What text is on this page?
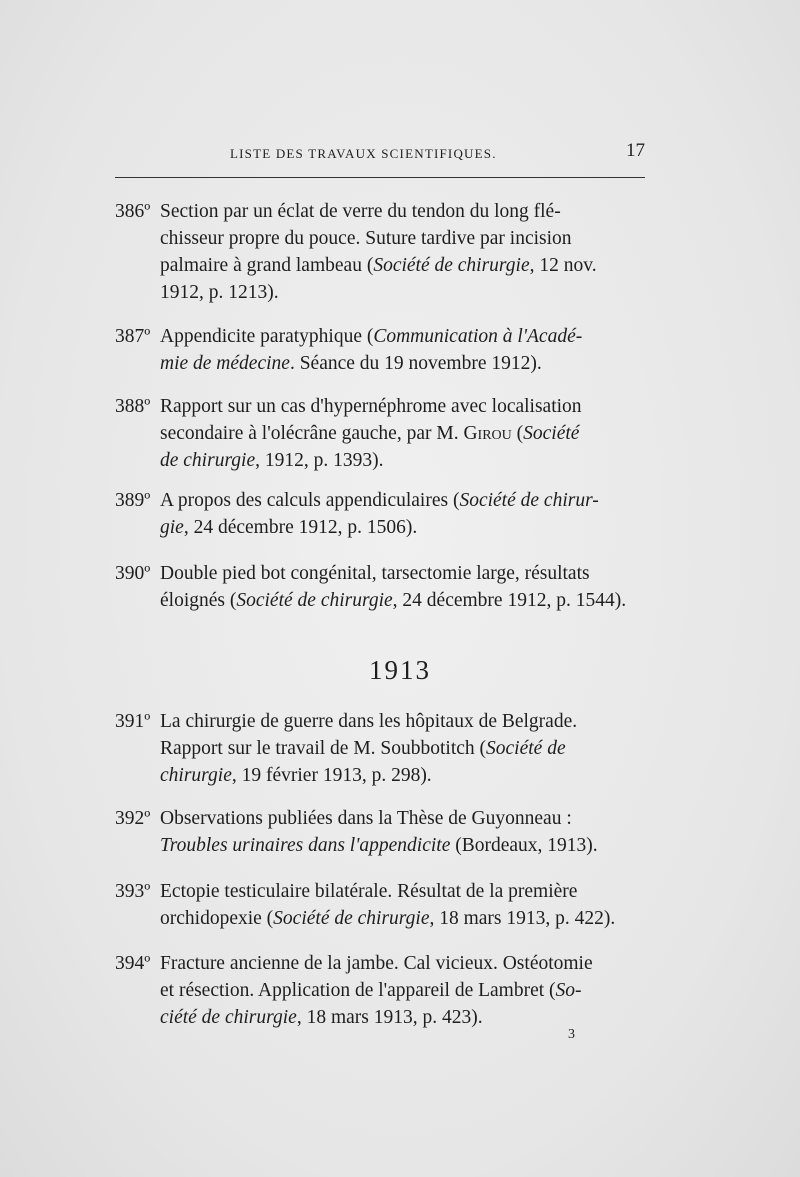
LISTE DES TRAVAUX SCIENTIFIQUES.	17
386º Section par un éclat de verre du tendon du long flé-
chisseur propre du pouce. Suture tardive par incision
palmaire à grand lambeau (Société de chirurgie, 12 nov.
1912, p. 1213).
387º Appendicite paratyphique (Communication à l'Acadé-
mie de médecine. Séance du 19 novembre 1912).
388º Rapport sur un cas d'hypernéphrome avec localisation
secondaire à l'olécrâne gauche, par M. Girou (Société
de chirurgie, 1912, p. 1393).
389º A propos des calculs appendiculaires (Société de chirur-
gie, 24 décembre 1912, p. 1506).
390º Double pied bot congénital, tarsectomie large, résultats
éloignés (Société de chirurgie, 24 décembre 1912, p. 1544).
1913
391º La chirurgie de guerre dans les hôpitaux de Belgrade.
Rapport sur le travail de M. Soubbotitch (Société de
chirurgie, 19 février 1913, p. 298).
392º Observations publiées dans la Thèse de Guyonneau :
Troubles urinaires dans l'appendicite (Bordeaux, 1913).
393º Ectopie testiculaire bilatérale. Résultat de la première
orchidopexie (Société de chirurgie, 18 mars 1913, p. 422).
394º Fracture ancienne de la jambe. Cal vicieux. Ostéotomie
et résection. Application de l'appareil de Lambret (So-
ciété de chirurgie, 18 mars 1913, p. 423).
3
